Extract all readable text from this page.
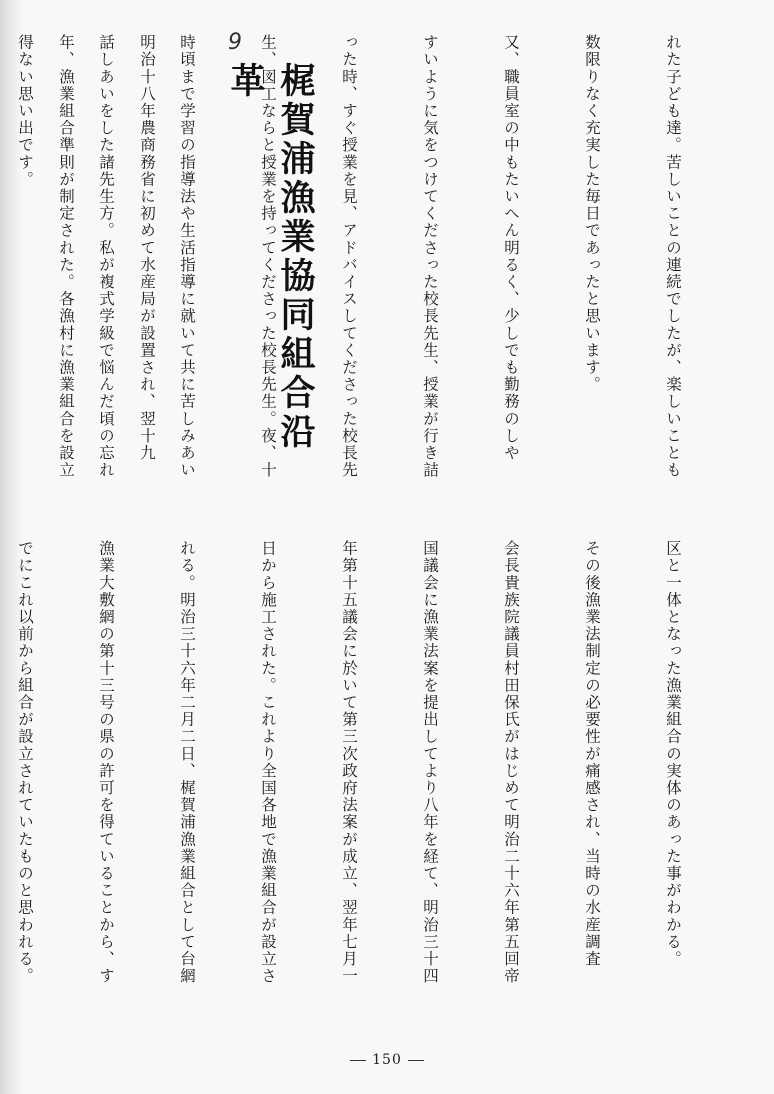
れた子ども達。苦しいことの連続でしたが、楽しいことも

数限りなく充実した毎日であったと思います。

又、職員室の中もたいへん明るく、少しでも勤務のしや

すいように気をつけてくださった校長先生、授業が行き詰

った時、すぐ授業を見、アドバイスしてくださった校長先

生、図工ならと授業を持ってくださった校長先生。夜、十

時頃まで学習の指導法や生活指導に就いて共に苦しみあい

話しあいをした諸先生方。私が複式学級で悩んだ頃の忘れ

得ない思い出です。

	9
梶賀浦漁業協同組合沿革

明治十八年農商務省に初めて水産局が設置され、翌十九

年、漁業組合準則が制定された。各漁村に漁業組合を設立

区と一体となった漁業組合の実体のあった事がわかる。

その後漁業法制定の必要性が痛感され、当時の水産調査

会長貴族院議員村田保氏がはじめて明治二十六年第五回帝

国議会に漁業法案を提出してより八年を経て、明治三十四

年第十五議会に於いて第三次政府法案が成立、翌年七月一

日から施工された。これより全国各地で漁業組合が設立さ

れる。明治三十六年二月二日、梶賀浦漁業組合として台網

漁業大敷網の第十三号の県の許可を得ていることから、す

でにこれ以前から組合が設立されていたものと思われる。

150
